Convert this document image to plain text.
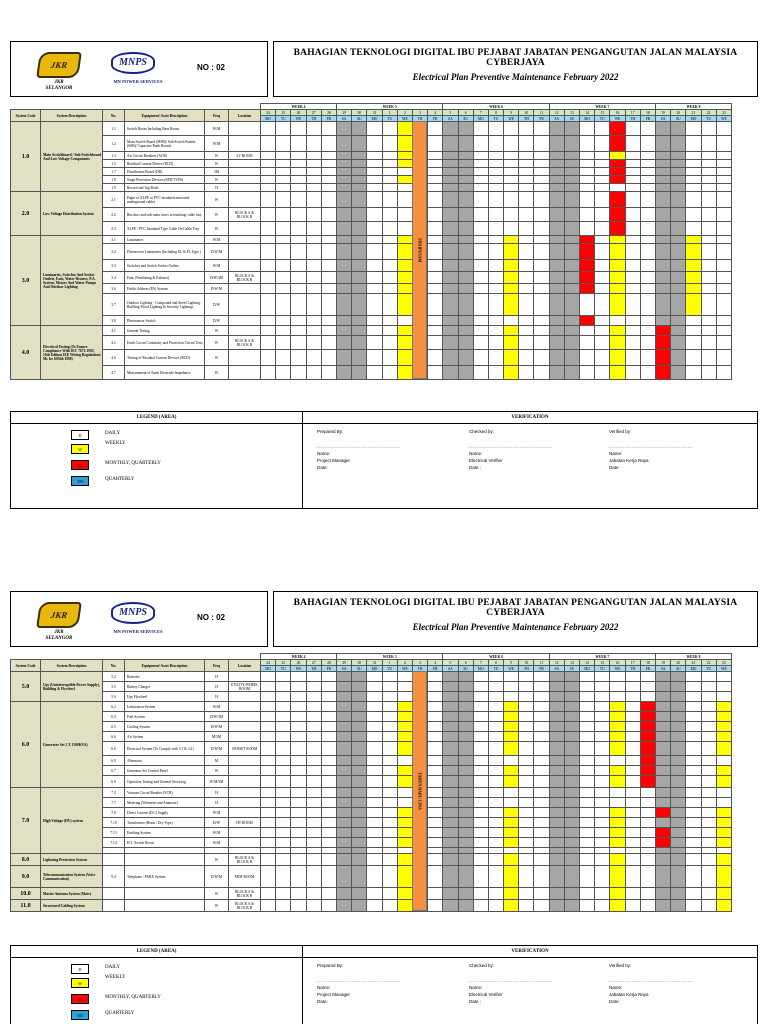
JKR
JKR
SELANGOR
MNPS
MN POWER SERVICES
NO : 02
BAHAGIAN TEKNOLOGI DIGITAL IBU PEJABAT JABATAN PENGANGUTAN JALAN MALAYSIA
CYBERJAYA
Electrical Plan Preventive Maintenance February 2022
						WEEK 4					WEEK 5							WEEK 6							WEEK 7							WEEK 8				
System Code	System Description	No.	Equipment/ Asset Description	Freq	Location	24	25	26	27	28	29	30	31	1	2	3	4	5	6	7	8	9	10	11	12	13	14	15	16	17	18	19	20	21	22	23
						MO	TU	WE	TH	FR	SA	SU	MO	TU	WE	TH	FR	SA	SU	MO	TU	WE	TH	FR	SA	SU	MO	TU	WE	TH	FR	SA	SU	MO	TU	WE
1.0	Main Switchboard / Sub-Switchboard And Low Voltage Components	1.1	Switch Room Including Base Room	W/M																																
		1.2	Main Switch Board (MSB)/ Sub Switch Boards (SSB)/ Capacitor Bank Boards	W/M																																
		1.3	Air Circuit Breakers (ACB)	W	LV ROOM																															
		1.5	Residual Current Device (RCD)	W																																
		1.7	Distribution Board (DB)	3M																																
		1.8	Surge Protection Devices (SPD/TVPS)	W																																
		1.9	Record and Tag Book	H																																
2.0	Low Voltage Distribution System	2.1	Paper or XLPE or PVC insulated armoured underground cables	W																																
		2.2	Bus duct and sub-main risers in trunking/ cable tray	W	BLOCK A & BLOCK B																															
		2.3	XLPE / PVC Insulated Type Cable On Cable Tray	W																																
3.0	Luminaries, Switches And Socket Outlets, Fans, Water Heaters, P.A. System, Motors And Water Pumps And Outdoor Lighting	3.1	Luminaries	W/M																																
		3.2	Fluorescent Luminaries (Including EL & FL Type )	D/W/M																																
		3.3	Switches and Switch Socket Outlets	W/M																																
		3.4	Fans (Ventilating & Exhaust)	D/W/3M	BLOCK A & BLOCK B																															
		3.6	Public Address (PA) System	D/W/M																																
		3.7	Outdoor Lighting - Compound and Street Lighting, Building Flood Lighting & Security Lightings	D/W																																
		3.8	Photosensor Switch	D/W																																
4.0	Electrical Testing (To Ensure Compliance With IEC 7671:1992, 16th Edition IEE Wiring Regulations/ Ms Iec 60364:1998)	4.1	General Testing	W																																
		4.2	Earth Circuit Continuity and Protection Circuit Tests	W	BLOCK A & BLOCK B																															
		4.6	Testing of Residual Current Devices (RCD)	W																																
		4.7	Measurement of Earth Electrode Impedance	W																																
THAIPUSAM
LEGEND (AREA)	VERIFICATION
D	DAILY
W
WEEKLY
M	MONTHLY, QUARTERLY
3M	QUARTERLY
Prepared By:
................................................
Name:
Project Manager
Date:
Checked by:
................................................
Name:
Electrical Verifier
Date :
Verified by:
................................................
Name:
Jabatan Kerja Raya
Date:
JKR
JKR
SELANGOR
MNPS
MN POWER SERVICES
NO : 02
BAHAGIAN TEKNOLOGI DIGITAL IBU PEJABAT JABATAN PENGANGUTAN JALAN MALAYSIA
CYBERJAYA
Electrical Plan Preventive Maintenance February 2022
						WEEK 4					WEEK 5							WEEK 6							WEEK 7							WEEK 8				
System Code	System Description	No.	Equipment/ Asset Description	Freq	Location	24	25	26	27	28	29	30	31	1	2	3	4	5	6	7	8	9	10	11	12	13	14	15	16	17	18	19	20	21	22	23
						MO	TU	WE	TH	FR	SA	SU	MO	TU	WE	TH	FR	SA	SU	MO	TU	WE	TH	FR	SA	SU	MO	TU	WE	TH	FR	SA	SU	MO	TU	WE
5.0	Ups (Uninterruptible Power Supply), Building & Flywheel	5.2	Batteries	H																																
		5.5	Battery Charger	H	UTILITY/WHEEL ROOM																															
		5.6	Ups Flywheel	H																																
6.0	Generator Set 1 X 1500KVA)	6.2	Lubrication System	W/M																																
		6.3	Fuel System	D/W/3M																																
		6.5	Cooling System	D/W/M																																
		6.6	Air System	M/3M																																
		6.8	Electrical System (To Comply with 3.1 & 3.2)	D/W/M	GENSET ROOM																															
		6.9	Alternator	M																																
		6.7	Generator Set Control Panel	W																																
		6.8	Operation Testing and General Servicing	W/M/3M																																
7.0	High Voltage (HV) system	7.2	Vacuum Circuit Breaker (VCB)	H																																
		7.7	Metering (Voltmeter and Ammeter)	H																																
		7.9	Direct Current (D.C) Supply	W/M																																
		7.10	Transformer (Resin / Dry Type)	H/W	HT ROOM																															
		7.13	Earthing System	W/M																																
		7.14	H.T. Switch Room	W/M																																

8.0	Lightning Protection System			W	BLOCK A & BLOCK B																															
9.0	Telecommunication System (Voice Communication)	9.4	Telephone / PABX System	D/W/M	MDF ROOM																															
10.0	Master Antenna System (Matv)			W	BLOCK A & BLOCK B																															
11.0	Structured Cabling System			W	BLOCK A & BLOCK B																															
TAHUN BARU CINA
LEGEND (AREA)	VERIFICATION
D	DAILY
W
WEEKLY
M	MONTHLY, QUARTERLY
3M	QUARTERLY
Prepared By:
................................................
Name:
Project Manager
Date:
Checked by:
................................................
Name:
Electrical Verifier
Date :
Verified by:
................................................
Name:
Jabatan Kerja Raya
Date:
